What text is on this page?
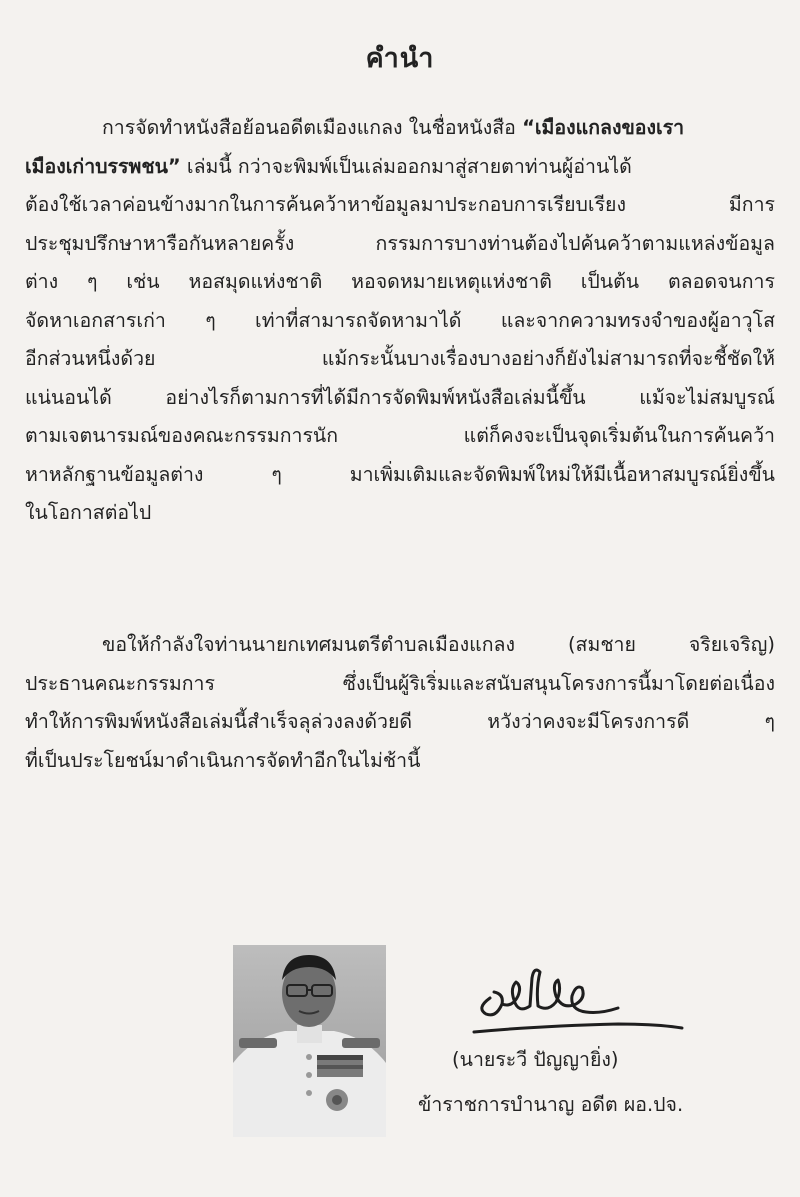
คำนำ
การจัดทำหนังสือย้อนอดีตเมืองแกลง ในชื่อหนังสือ “เมืองแกลงของเรา
เมืองเก่าบรรพชน” เล่มนี้ กว่าจะพิมพ์เป็นเล่มออกมาสู่สายตาท่านผู้อ่านได้
ต้องใช้เวลาค่อนข้างมากในการค้นคว้าหาข้อมูลมาประกอบการเรียบเรียง มีการ
ประชุมปรึกษาหารือกันหลายครั้ง กรรมการบางท่านต้องไปค้นคว้าตามแหล่งข้อมูล
ต่าง ๆ เช่น หอสมุดแห่งชาติ หอจดหมายเหตุแห่งชาติ เป็นต้น ตลอดจนการ
จัดหาเอกสารเก่า ๆ เท่าที่สามารถจัดหามาได้ และจากความทรงจำของผู้อาวุโส
อีกส่วนหนึ่งด้วย แม้กระนั้นบางเรื่องบางอย่างก็ยังไม่สามารถที่จะชี้ชัดให้
แน่นอนได้ อย่างไรก็ตามการที่ได้มีการจัดพิมพ์หนังสือเล่มนี้ขึ้น แม้จะไม่สมบูรณ์
ตามเจตนารมณ์ของคณะกรรมการนัก แต่ก็คงจะเป็นจุดเริ่มต้นในการค้นคว้า
หาหลักฐานข้อมูลต่าง ๆ มาเพิ่มเติมและจัดพิมพ์ใหม่ให้มีเนื้อหาสมบูรณ์ยิ่งขึ้น
ในโอกาสต่อไป
ขอให้กำลังใจท่านนายกเทศมนตรีตำบลเมืองแกลง (สมชาย จริยเจริญ)
ประธานคณะกรรมการ ซึ่งเป็นผู้ริเริ่มและสนับสนุนโครงการนี้มาโดยต่อเนื่อง
ทำให้การพิมพ์หนังสือเล่มนี้สำเร็จลุล่วงลงด้วยดี หวังว่าคงจะมีโครงการดี ๆ
ที่เป็นประโยชน์มาดำเนินการจัดทำอีกในไม่ช้านี้
(นายระวี ปัญญายิ่ง)
ข้าราชการบำนาญ อดีต ผอ.ปจ.
